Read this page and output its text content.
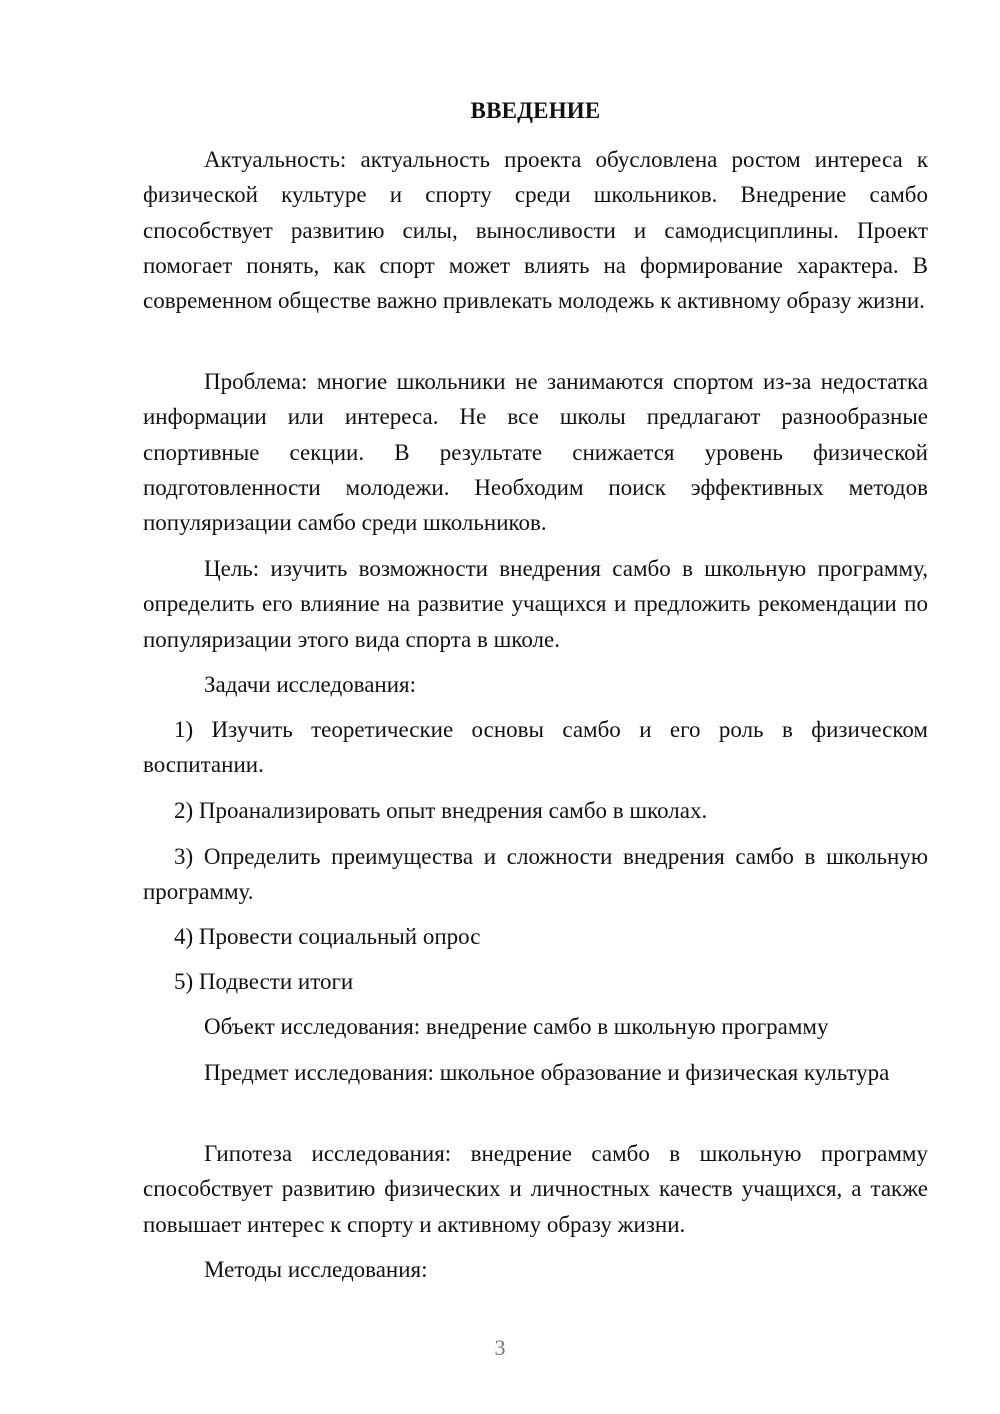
ВВЕДЕНИЕ

Актуальность: актуальность проекта обусловлена ростом интереса к физической культуре и спорту среди школьников. Внедрение самбо способствует развитию силы, выносливости и самодисциплины. Проект помогает понять, как спорт может влиять на формирование характера. В современном обществе важно привлекать молодежь к активному образу жизни.

Проблема: многие школьники не занимаются спортом из-за недостатка информации или интереса. Не все школы предлагают разнообразные спортивные секции. В результате снижается уровень физической подготовленности молодежи. Необходим поиск эффективных методов популяризации самбо среди школьников.

Цель: изучить возможности внедрения самбо в школьную программу, определить его влияние на развитие учащихся и предложить рекомендации по популяризации этого вида спорта в школе.

Задачи исследования:

1) Изучить теоретические основы самбо и его роль в физическом воспитании.

2) Проанализировать опыт внедрения самбо в школах.

3) Определить преимущества и сложности внедрения самбо в школьную программу.

4) Провести социальный опрос

5) Подвести итоги

Объект исследования: внедрение самбо в школьную программу

Предмет исследования: школьное образование и физическая культура

Гипотеза исследования: внедрение самбо в школьную программу способствует развитию физических и личностных качеств учащихся, а также повышает интерес к спорту и активному образу жизни.

Методы исследования:

3
